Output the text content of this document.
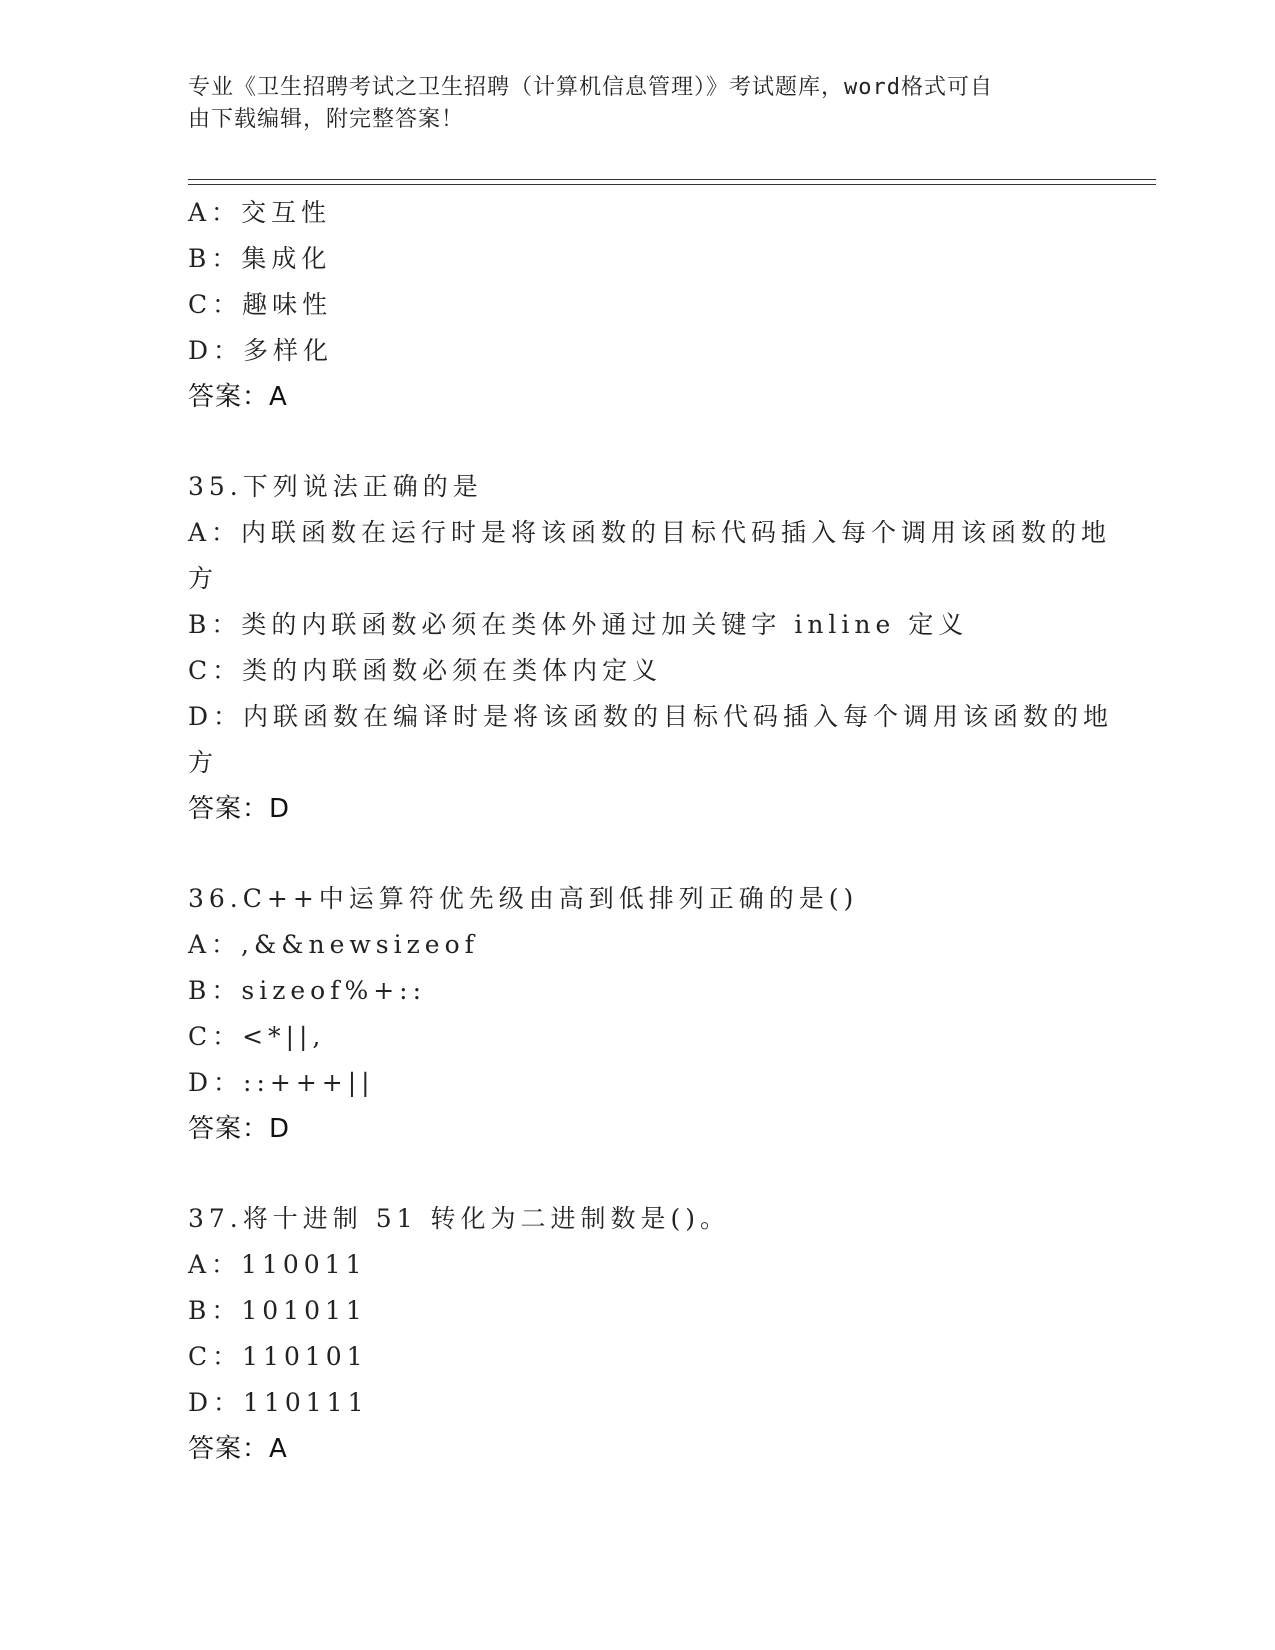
专业《卫生招聘考试之卫生招聘（计算机信息管理）》考试题库，word格式可自
由下载编辑，附完整答案！
A：交互性
B：集成化
C：趣味性
D：多样化
答案：A
35.下列说法正确的是
A：内联函数在运行时是将该函数的目标代码插入每个调用该函数的地
方
B：类的内联函数必须在类体外通过加关键字 inline 定义
C：类的内联函数必须在类体内定义
D：内联函数在编译时是将该函数的目标代码插入每个调用该函数的地
方
答案：D
36.C++中运算符优先级由高到低排列正确的是()
A：,&&newsizeof
B：sizeof%+::
C：<*||,
D：::+++||
答案：D
37.将十进制 51 转化为二进制数是()。
A：110011
B：101011
C：110101
D：110111
答案：A
